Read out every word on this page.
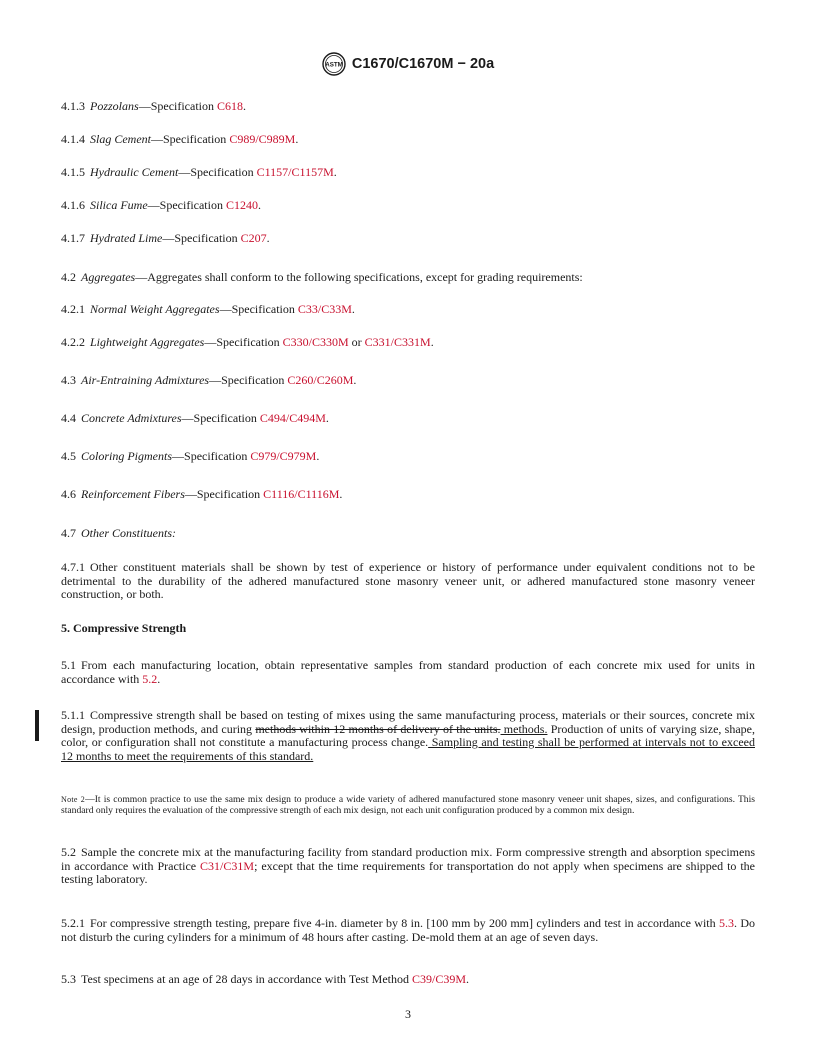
ASTM C1670/C1670M − 20a

4.1.3 Pozzolans—Specification C618.

4.1.4 Slag Cement—Specification C989/C989M.

4.1.5 Hydraulic Cement—Specification C1157/C1157M.

4.1.6 Silica Fume—Specification C1240.

4.1.7 Hydrated Lime—Specification C207.

4.2 Aggregates—Aggregates shall conform to the following specifications, except for grading requirements:

4.2.1 Normal Weight Aggregates—Specification C33/C33M.

4.2.2 Lightweight Aggregates—Specification C330/C330M or C331/C331M.

4.3 Air-Entraining Admixtures—Specification C260/C260M.

4.4 Concrete Admixtures—Specification C494/C494M.

4.5 Coloring Pigments—Specification C979/C979M.

4.6 Reinforcement Fibers—Specification C1116/C1116M.

4.7 Other Constituents:

4.7.1 Other constituent materials shall be shown by test of experience or history of performance under equivalent conditions not to be detrimental to the durability of the adhered manufactured stone masonry veneer unit, or adhered manufactured stone masonry veneer construction, or both.

5. Compressive Strength

5.1 From each manufacturing location, obtain representative samples from standard production of each concrete mix used for units in accordance with 5.2.

5.1.1 Compressive strength shall be based on testing of mixes using the same manufacturing process, materials or their sources, concrete mix design, production methods, and curing methods within 12 months of delivery of the units. methods. Production of units of varying size, shape, color, or configuration shall not constitute a manufacturing process change. Sampling and testing shall be performed at intervals not to exceed 12 months to meet the requirements of this standard.

Note 2—It is common practice to use the same mix design to produce a wide variety of adhered manufactured stone masonry veneer unit shapes, sizes, and configurations. This standard only requires the evaluation of the compressive strength of each mix design, not each unit configuration produced by a common mix design.

5.2 Sample the concrete mix at the manufacturing facility from standard production mix. Form compressive strength and absorption specimens in accordance with Practice C31/C31M; except that the time requirements for transportation do not apply when specimens are shipped to the testing laboratory.

5.2.1 For compressive strength testing, prepare five 4-in. diameter by 8 in. [100 mm by 200 mm] cylinders and test in accordance with 5.3. Do not disturb the curing cylinders for a minimum of 48 hours after casting. De-mold them at an age of seven days.

5.3 Test specimens at an age of 28 days in accordance with Test Method C39/C39M.

3
